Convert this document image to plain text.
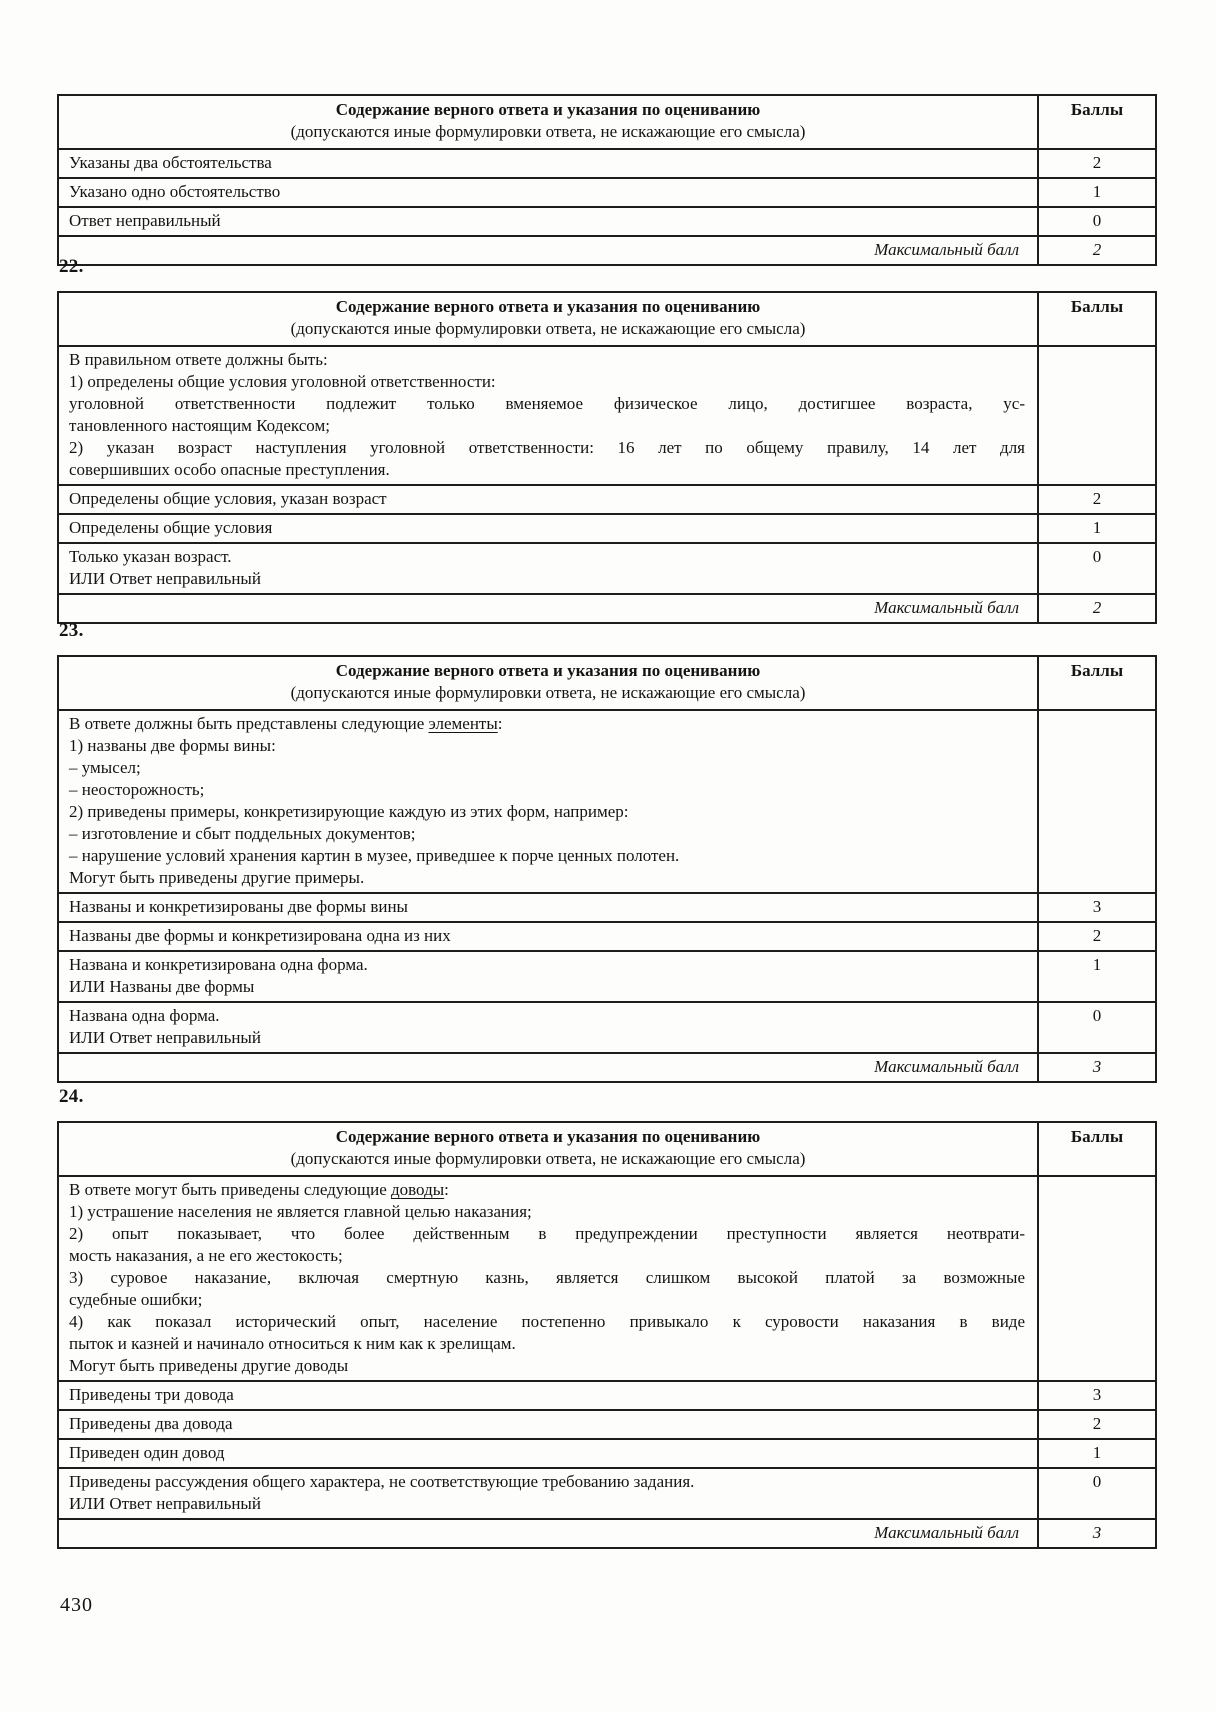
Содержание верного ответа и указания по оцениванию
(допускаются иные формулировки ответа, не искажающие его смысла)	Баллы

Указаны два обстоятельства	2

Указано одно обстоятельство	1

Ответ неправильный	0
Максимальный балл	2
22.
Содержание верного ответа и указания по оцениванию
(допускаются иные формулировки ответа, не искажающие его смысла)	Баллы

В правильном ответе должны быть:
1) определены общие условия уголовной ответственности:
уголовной ответственности подлежит только вменяемое физическое лицо, достигшее возраста, ус-
тановленного настоящим Кодексом;
2) указан возраст наступления уголовной ответственности: 16 лет по общему правилу, 14 лет для
совершивших особо опасные преступления.

Определены общие условия, указан возраст	2

Определены общие условия	1

Только указан возраст.
ИЛИ Ответ неправильный	0
Максимальный балл	2
23.
Содержание верного ответа и указания по оцениванию
(допускаются иные формулировки ответа, не искажающие его смысла)	Баллы

В ответе должны быть представлены следующие элементы:
1) названы две формы вины:
– умысел;
– неосторожность;
2) приведены примеры, конкретизирующие каждую из этих форм, например:
– изготовление и сбыт поддельных документов;
– нарушение условий хранения картин в музее, приведшее к порче ценных полотен.
Могут быть приведены другие примеры.

Названы и конкретизированы две формы вины	3

Названы две формы и конкретизирована одна из них	2

Названа и конкретизирована одна форма.
ИЛИ Названы две формы	1

Названа одна форма.
ИЛИ Ответ неправильный	0
Максимальный балл	3
24.
Содержание верного ответа и указания по оцениванию
(допускаются иные формулировки ответа, не искажающие его смысла)	Баллы

В ответе могут быть приведены следующие доводы:
1) устрашение населения не является главной целью наказания;
2) опыт показывает, что более действенным в предупреждении преступности является неотврати-
мость наказания, а не его жестокость;
3) суровое наказание, включая смертную казнь, является слишком высокой платой за возможные
судебные ошибки;
4) как показал исторический опыт, население постепенно привыкало к суровости наказания в виде
пыток и казней и начинало относиться к ним как к зрелищам.
Могут быть приведены другие доводы

Приведены три довода	3

Приведены два довода	2

Приведен один довод	1

Приведены рассуждения общего характера, не соответствующие требованию задания.
ИЛИ Ответ неправильный	0
Максимальный балл	3
430
